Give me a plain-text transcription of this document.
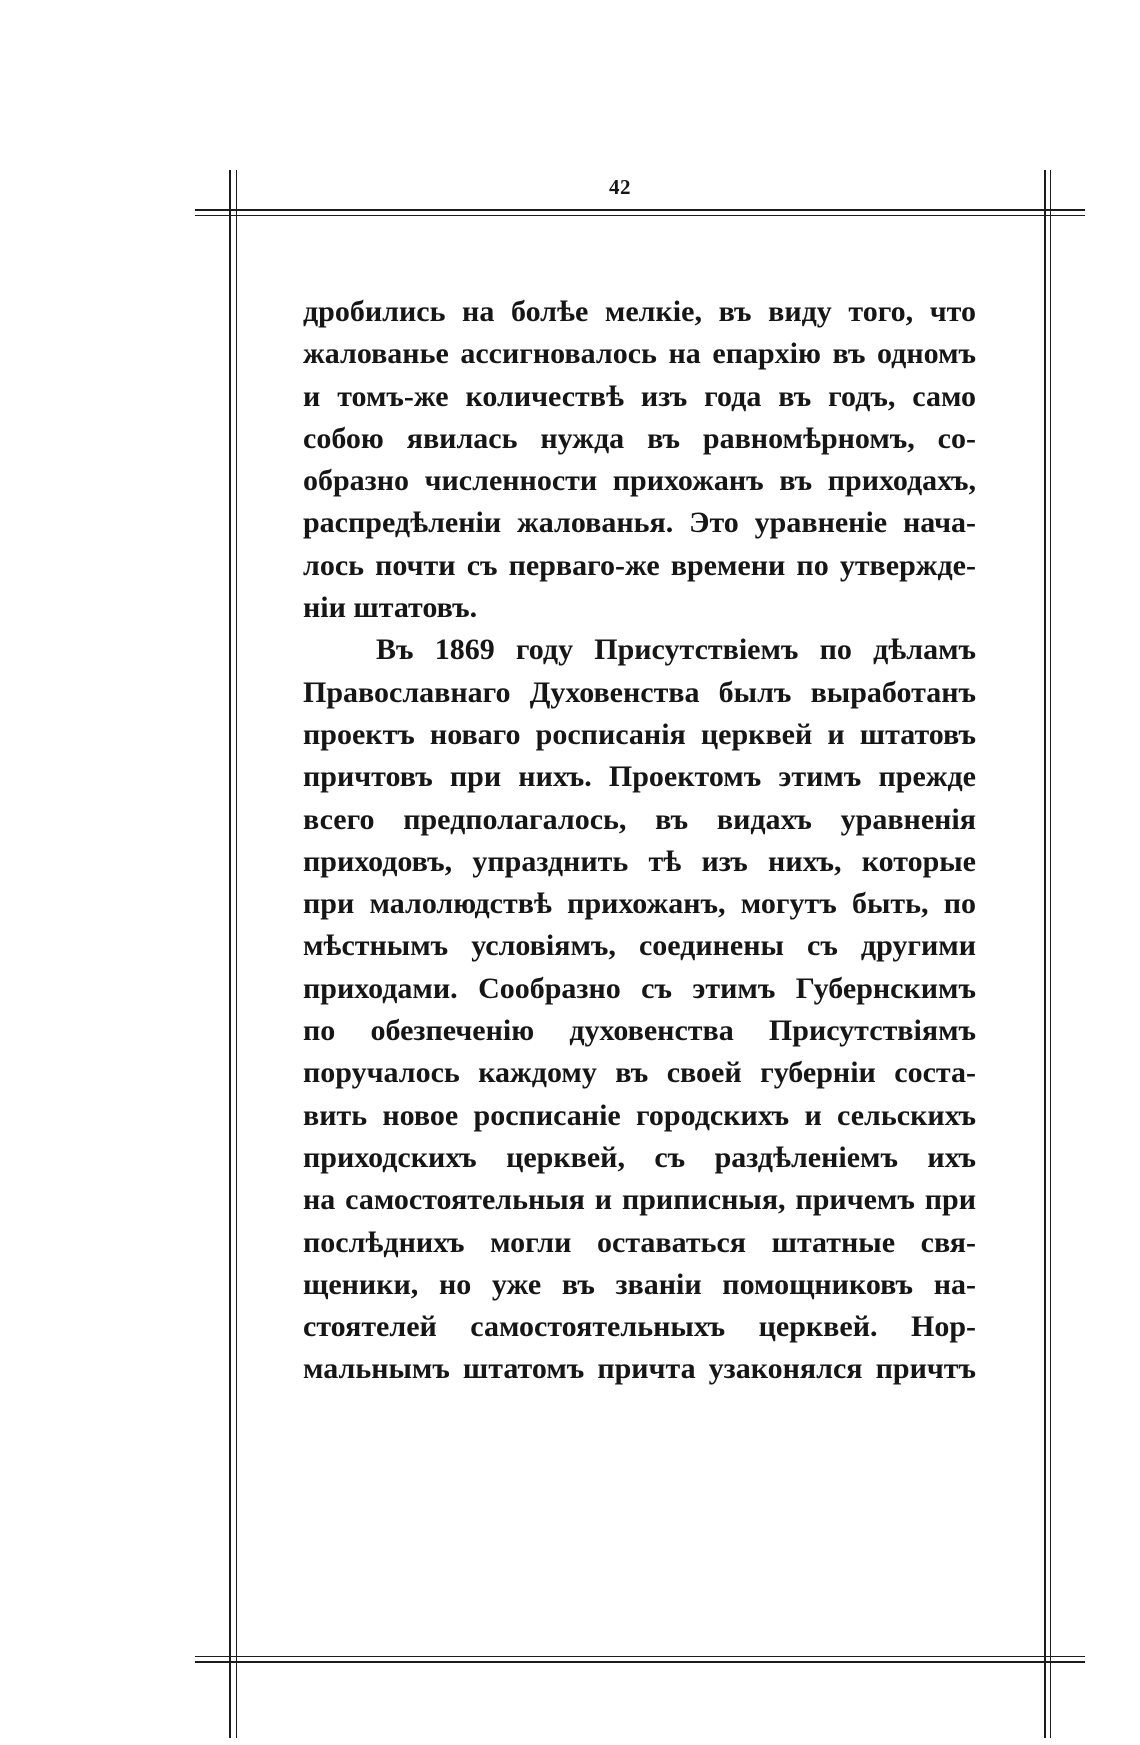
42
дробились на болѣе мелкіе, въ виду того, что
жалованье ассигновалось на епархію въ одномъ
и томъ-же количествѣ изъ года въ годъ, само
собою явилась нужда въ равномѣрномъ, со-
образно численности прихожанъ въ приходахъ,
распредѣленіи жалованья. Это уравненіе нача-
лось почти съ перваго-же времени по утвержде-
ніи штатовъ.
Въ 1869 году Присутствіемъ по дѣламъ
Православнаго Духовенства былъ выработанъ
проектъ новаго росписанія церквей и штатовъ
причтовъ при нихъ. Проектомъ этимъ прежде
всего предполагалось, въ видахъ уравненія
приходовъ, упразднить тѣ изъ нихъ, которые
при малолюдствѣ прихожанъ, могутъ быть, по
мѣстнымъ условіямъ, соединены съ другими
приходами. Сообразно съ этимъ Губернскимъ
по обезпеченію духовенства Присутствіямъ
поручалось каждому въ своей губерніи соста-
вить новое росписаніе городскихъ и сельскихъ
приходскихъ церквей, съ раздѣленіемъ ихъ
на самостоятельныя и приписныя, причемъ при
послѣднихъ могли оставаться штатные свя-
щеники, но уже въ званіи помощниковъ на-
стоятелей самостоятельныхъ церквей. Нор-
мальнымъ штатомъ причта узаконялся причтъ
